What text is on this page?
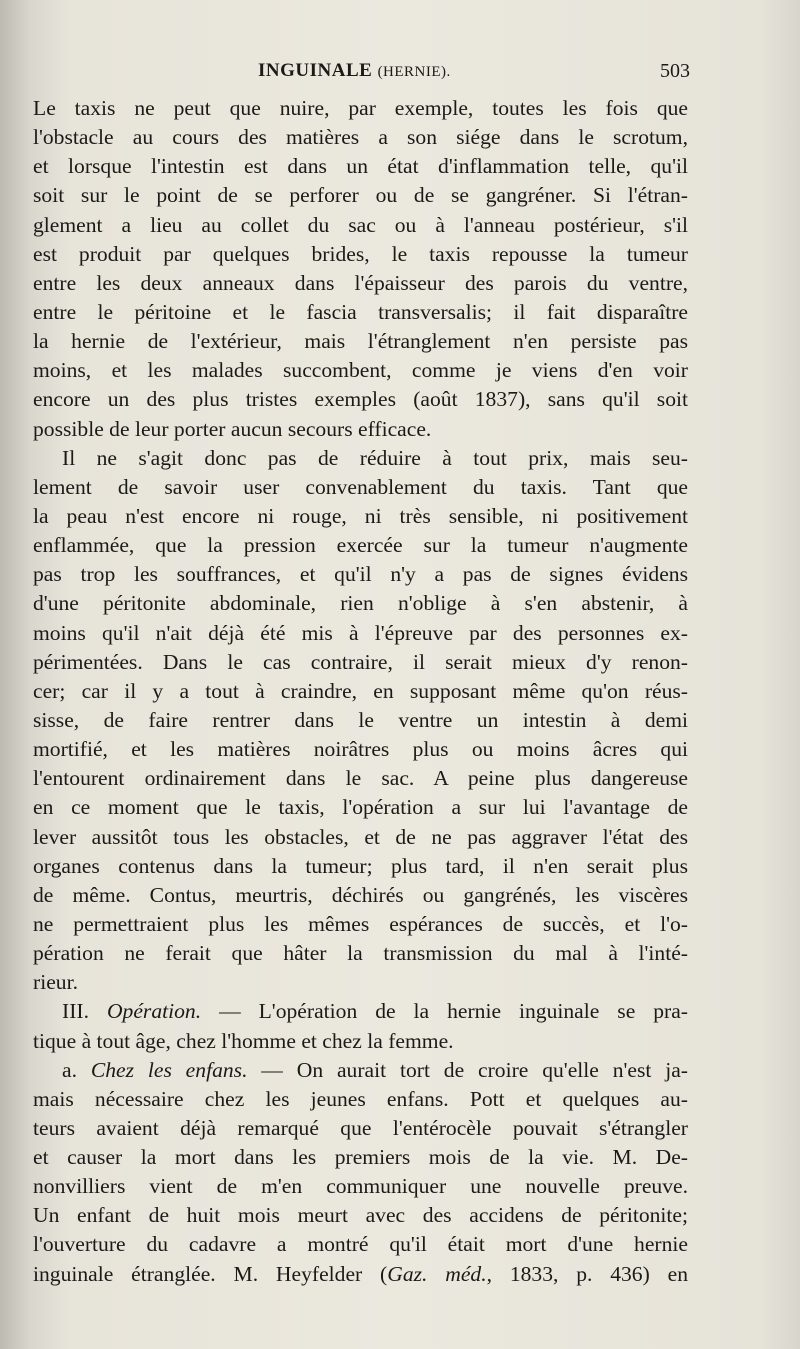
INGUINALE (HERNIE).	503
Le taxis ne peut que nuire, par exemple, toutes les fois que
l'obstacle au cours des matières a son siége dans le scrotum,
et lorsque l'intestin est dans un état d'inflammation telle, qu'il
soit sur le point de se perforer ou de se gangréner. Si l'étran-
glement a lieu au collet du sac ou à l'anneau postérieur, s'il
est produit par quelques brides, le taxis repousse la tumeur
entre les deux anneaux dans l'épaisseur des parois du ventre,
entre le péritoine et le fascia transversalis; il fait disparaître
la hernie de l'extérieur, mais l'étranglement n'en persiste pas
moins, et les malades succombent, comme je viens d'en voir
encore un des plus tristes exemples (août 1837), sans qu'il soit
possible de leur porter aucun secours efficace.
Il ne s'agit donc pas de réduire à tout prix, mais seu-
lement de savoir user convenablement du taxis. Tant que
la peau n'est encore ni rouge, ni très sensible, ni positivement
enflammée, que la pression exercée sur la tumeur n'augmente
pas trop les souffrances, et qu'il n'y a pas de signes évidens
d'une péritonite abdominale, rien n'oblige à s'en abstenir, à
moins qu'il n'ait déjà été mis à l'épreuve par des personnes ex-
périmentées. Dans le cas contraire, il serait mieux d'y renon-
cer; car il y a tout à craindre, en supposant même qu'on réus-
sisse, de faire rentrer dans le ventre un intestin à demi
mortifié, et les matières noirâtres plus ou moins âcres qui
l'entourent ordinairement dans le sac. A peine plus dangereuse
en ce moment que le taxis, l'opération a sur lui l'avantage de
lever aussitôt tous les obstacles, et de ne pas aggraver l'état des
organes contenus dans la tumeur; plus tard, il n'en serait plus
de même. Contus, meurtris, déchirés ou gangrénés, les viscères
ne permettraient plus les mêmes espérances de succès, et l'o-
pération ne ferait que hâter la transmission du mal à l'inté-
rieur.
III. Opération. — L'opération de la hernie inguinale se pra-
tique à tout âge, chez l'homme et chez la femme.
a. Chez les enfans. — On aurait tort de croire qu'elle n'est ja-
mais nécessaire chez les jeunes enfans. Pott et quelques au-
teurs avaient déjà remarqué que l'entérocèle pouvait s'étrangler
et causer la mort dans les premiers mois de la vie. M. De-
nonvilliers vient de m'en communiquer une nouvelle preuve.
Un enfant de huit mois meurt avec des accidens de péritonite;
l'ouverture du cadavre a montré qu'il était mort d'une hernie
inguinale étranglée. M. Heyfelder (Gaz. méd., 1833, p. 436) en
